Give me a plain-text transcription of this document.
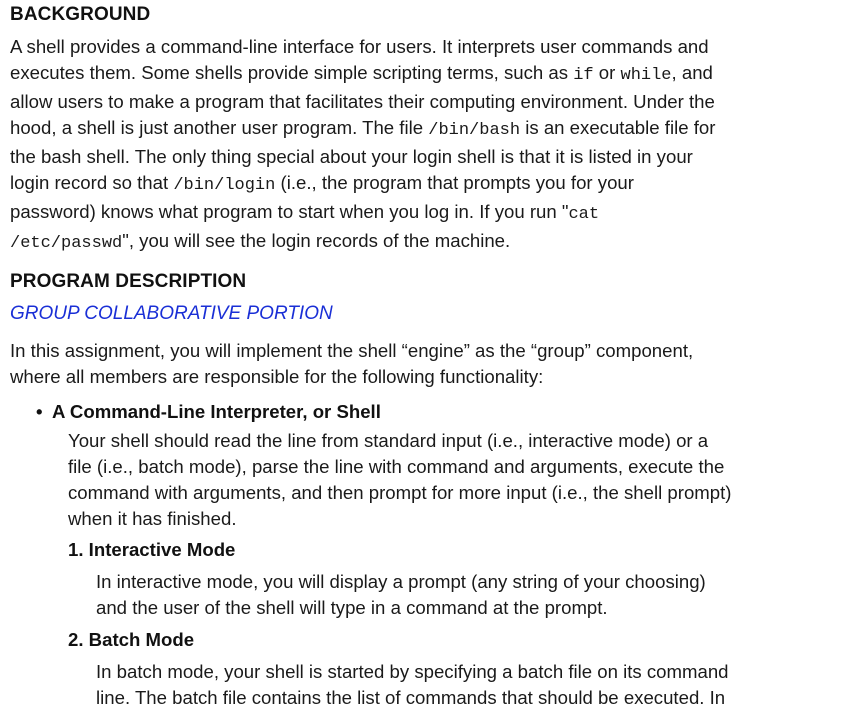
BACKGROUND
A shell provides a command-line interface for users. It interprets user commands and
executes them. Some shells provide simple scripting terms, such as if or while, and
allow users to make a program that facilitates their computing environment. Under the
hood, a shell is just another user program. The file /bin/bash is an executable file for
the bash shell. The only thing special about your login shell is that it is listed in your
login record so that /bin/login (i.e., the program that prompts you for your
password) knows what program to start when you log in. If you run "cat
/etc/passwd", you will see the login records of the machine.
PROGRAM DESCRIPTION
GROUP COLLABORATIVE PORTION
In this assignment, you will implement the shell “engine” as the “group” component,
where all members are responsible for the following functionality:
• A Command-Line Interpreter, or Shell
Your shell should read the line from standard input (i.e., interactive mode) or a
file (i.e., batch mode), parse the line with command and arguments, execute the
command with arguments, and then prompt for more input (i.e., the shell prompt)
when it has finished.
1. Interactive Mode
In interactive mode, you will display a prompt (any string of your choosing)
and the user of the shell will type in a command at the prompt.
2. Batch Mode
In batch mode, your shell is started by specifying a batch file on its command
line. The batch file contains the list of commands that should be executed. In
